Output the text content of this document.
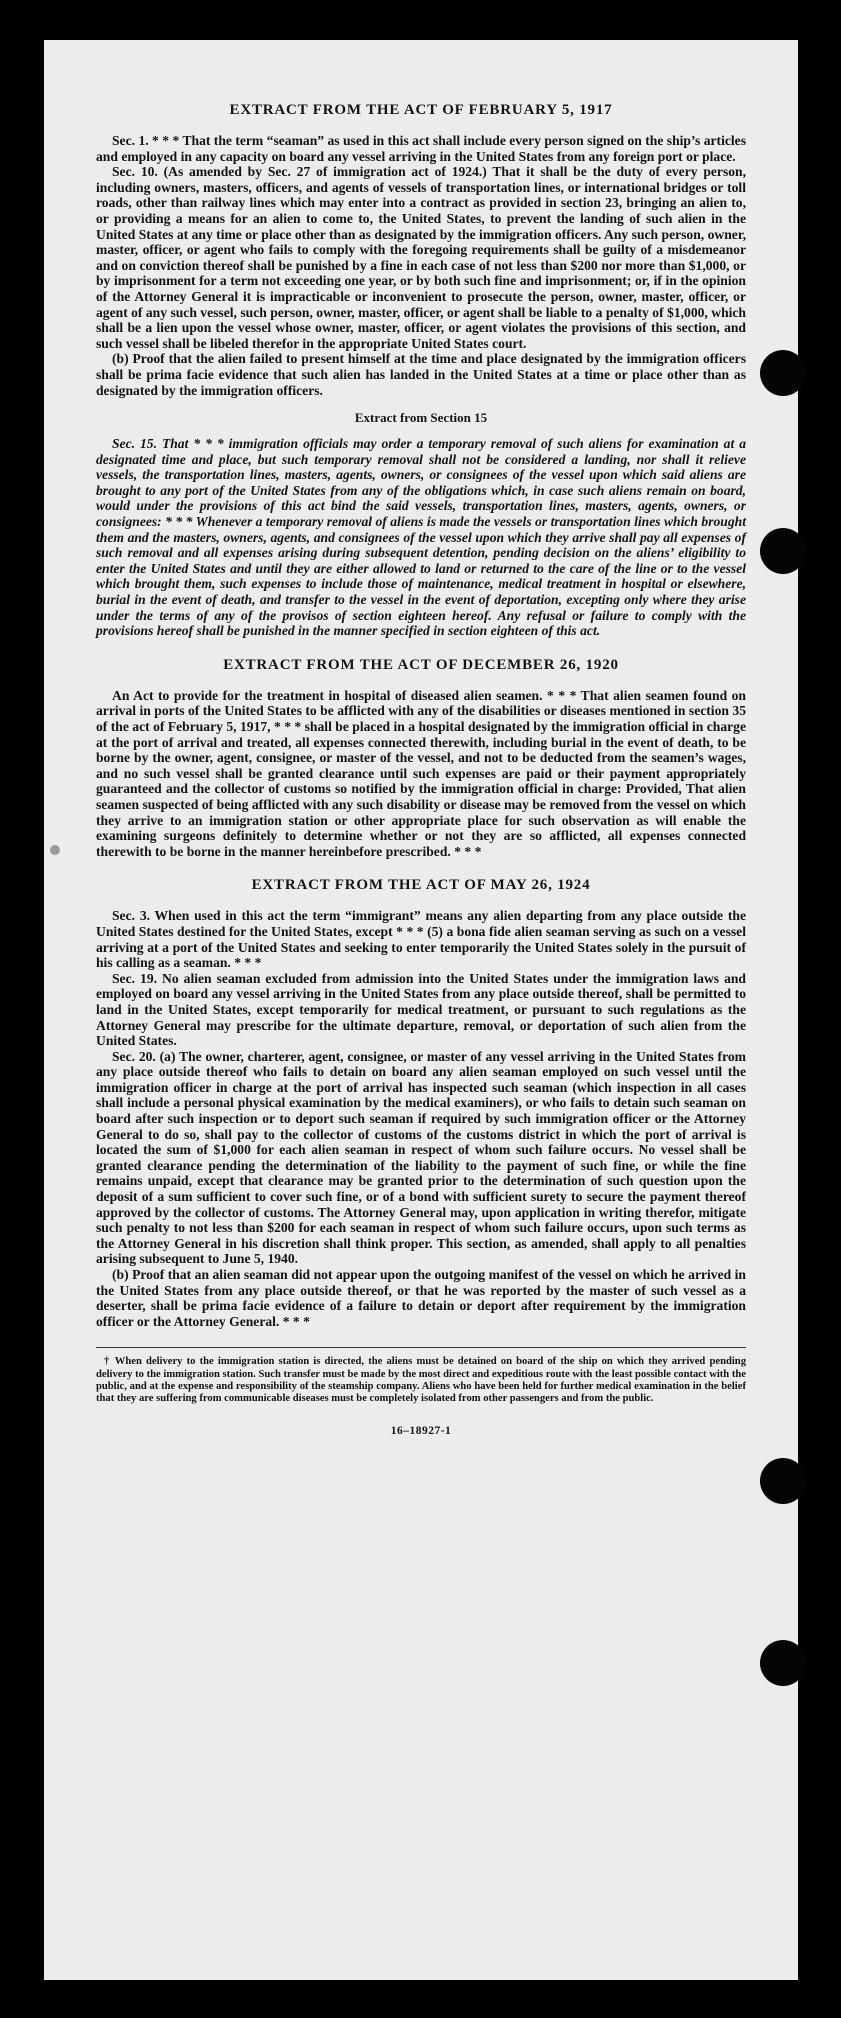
EXTRACT FROM THE ACT OF FEBRUARY 5, 1917

Sec. 1. * * * That the term “seaman” as used in this act shall include every person signed on the ship’s articles and employed in any capacity on board any vessel arriving in the United States from any foreign port or place.

Sec. 10. (As amended by Sec. 27 of immigration act of 1924.) That it shall be the duty of every person, including owners, masters, officers, and agents of vessels of transportation lines, or international bridges or toll roads, other than railway lines which may enter into a contract as provided in section 23, bringing an alien to, or providing a means for an alien to come to, the United States, to prevent the landing of such alien in the United States at any time or place other than as designated by the immigration officers. Any such person, owner, master, officer, or agent who fails to comply with the foregoing requirements shall be guilty of a misdemeanor and on conviction thereof shall be punished by a fine in each case of not less than $200 nor more than $1,000, or by imprisonment for a term not exceeding one year, or by both such fine and imprisonment; or, if in the opinion of the Attorney General it is impracticable or inconvenient to prosecute the person, owner, master, officer, or agent of any such vessel, such person, owner, master, officer, or agent shall be liable to a penalty of $1,000, which shall be a lien upon the vessel whose owner, master, officer, or agent violates the provisions of this section, and such vessel shall be libeled therefor in the appropriate United States court.

(b) Proof that the alien failed to present himself at the time and place designated by the immigration officers shall be prima facie evidence that such alien has landed in the United States at a time or place other than as designated by the immigration officers.

Extract from Section 15

Sec. 15. That * * * immigration officials may order a temporary removal of such aliens for examination at a designated time and place, but such temporary removal shall not be considered a landing, nor shall it relieve vessels, the transportation lines, masters, agents, owners, or consignees of the vessel upon which said aliens are brought to any port of the United States from any of the obligations which, in case such aliens remain on board, would under the provisions of this act bind the said vessels, transportation lines, masters, agents, owners, or consignees: * * * Whenever a temporary removal of aliens is made the vessels or transportation lines which brought them and the masters, owners, agents, and consignees of the vessel upon which they arrive shall pay all expenses of such removal and all expenses arising during subsequent detention, pending decision on the aliens’ eligibility to enter the United States and until they are either allowed to land or returned to the care of the line or to the vessel which brought them, such expenses to include those of maintenance, medical treatment in hospital or elsewhere, burial in the event of death, and transfer to the vessel in the event of deportation, excepting only where they arise under the terms of any of the provisos of section eighteen hereof. Any refusal or failure to comply with the provisions hereof shall be punished in the manner specified in section eighteen of this act.

EXTRACT FROM THE ACT OF DECEMBER 26, 1920

An Act to provide for the treatment in hospital of diseased alien seamen. * * * That alien seamen found on arrival in ports of the United States to be afflicted with any of the disabilities or diseases mentioned in section 35 of the act of February 5, 1917, * * * shall be placed in a hospital designated by the immigration official in charge at the port of arrival and treated, all expenses connected therewith, including burial in the event of death, to be borne by the owner, agent, consignee, or master of the vessel, and not to be deducted from the seamen’s wages, and no such vessel shall be granted clearance until such expenses are paid or their payment appropriately guaranteed and the collector of customs so notified by the immigration official in charge: Provided, That alien seamen suspected of being afflicted with any such disability or disease may be removed from the vessel on which they arrive to an immigration station or other appropriate place for such observation as will enable the examining surgeons definitely to determine whether or not they are so afflicted, all expenses connected therewith to be borne in the manner hereinbefore prescribed. * * *

EXTRACT FROM THE ACT OF MAY 26, 1924

Sec. 3. When used in this act the term “immigrant” means any alien departing from any place outside the United States destined for the United States, except * * * (5) a bona fide alien seaman serving as such on a vessel arriving at a port of the United States and seeking to enter temporarily the United States solely in the pursuit of his calling as a seaman. * * *

Sec. 19. No alien seaman excluded from admission into the United States under the immigration laws and employed on board any vessel arriving in the United States from any place outside thereof, shall be permitted to land in the United States, except temporarily for medical treatment, or pursuant to such regulations as the Attorney General may prescribe for the ultimate departure, removal, or deportation of such alien from the United States.

Sec. 20. (a) The owner, charterer, agent, consignee, or master of any vessel arriving in the United States from any place outside thereof who fails to detain on board any alien seaman employed on such vessel until the immigration officer in charge at the port of arrival has inspected such seaman (which inspection in all cases shall include a personal physical examination by the medical examiners), or who fails to detain such seaman on board after such inspection or to deport such seaman if required by such immigration officer or the Attorney General to do so, shall pay to the collector of customs of the customs district in which the port of arrival is located the sum of $1,000 for each alien seaman in respect of whom such failure occurs. No vessel shall be granted clearance pending the determination of the liability to the payment of such fine, or while the fine remains unpaid, except that clearance may be granted prior to the determination of such question upon the deposit of a sum sufficient to cover such fine, or of a bond with sufficient surety to secure the payment thereof approved by the collector of customs. The Attorney General may, upon application in writing therefor, mitigate such penalty to not less than $200 for each seaman in respect of whom such failure occurs, upon such terms as the Attorney General in his discretion shall think proper. This section, as amended, shall apply to all penalties arising subsequent to June 5, 1940.

(b) Proof that an alien seaman did not appear upon the outgoing manifest of the vessel on which he arrived in the United States from any place outside thereof, or that he was reported by the master of such vessel as a deserter, shall be prima facie evidence of a failure to detain or deport after requirement by the immigration officer or the Attorney General. * * *

† When delivery to the immigration station is directed, the aliens must be detained on board of the ship on which they arrived pending delivery to the immigration station. Such transfer must be made by the most direct and expeditious route with the least possible contact with the public, and at the expense and responsibility of the steamship company. Aliens who have been held for further medical examination in the belief that they are suffering from communicable diseases must be completely isolated from other passengers and from the public.

16–18927-1
